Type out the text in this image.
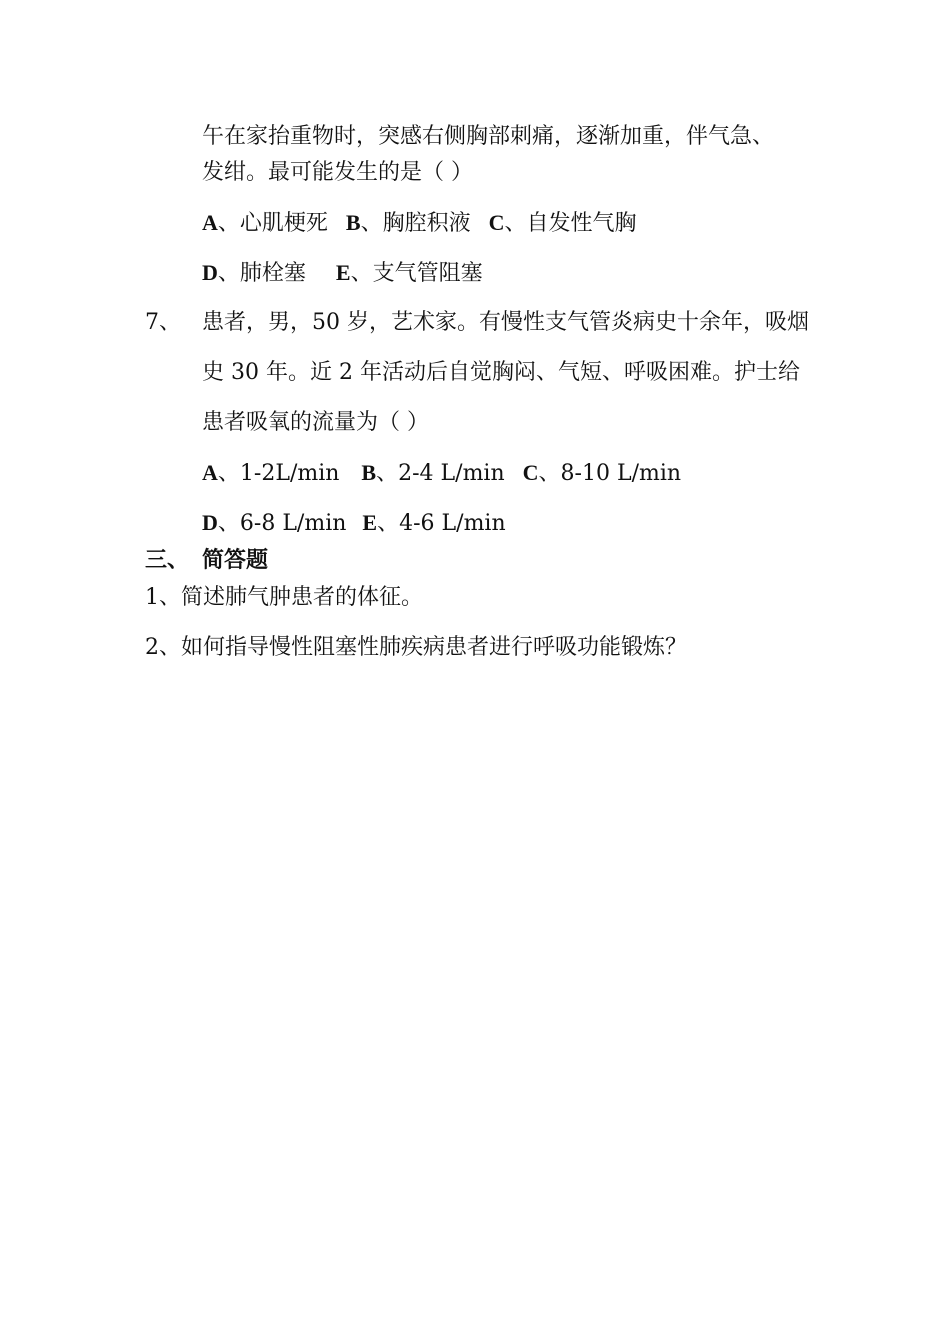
午在家抬重物时，突感右侧胸部刺痛，逐渐加重，伴气急、
发绀。最可能发生的是（ ）
A、心肌梗死 B、胸腔积液 C、自发性气胸
D、肺栓塞 E、支气管阻塞
7、 患者，男，50 岁，艺术家。有慢性支气管炎病史十余年，吸烟
史 30 年。近 2 年活动后自觉胸闷、气短、呼吸困难。护士给
患者吸氧的流量为（ ）
A、1-2L/min B、2-4 L/min C、8-10 L/min
D、6-8 L/min E、4-6 L/min
三、 简答题
1、简述肺气肿患者的体征。
2、如何指导慢性阻塞性肺疾病患者进行呼吸功能锻炼？
